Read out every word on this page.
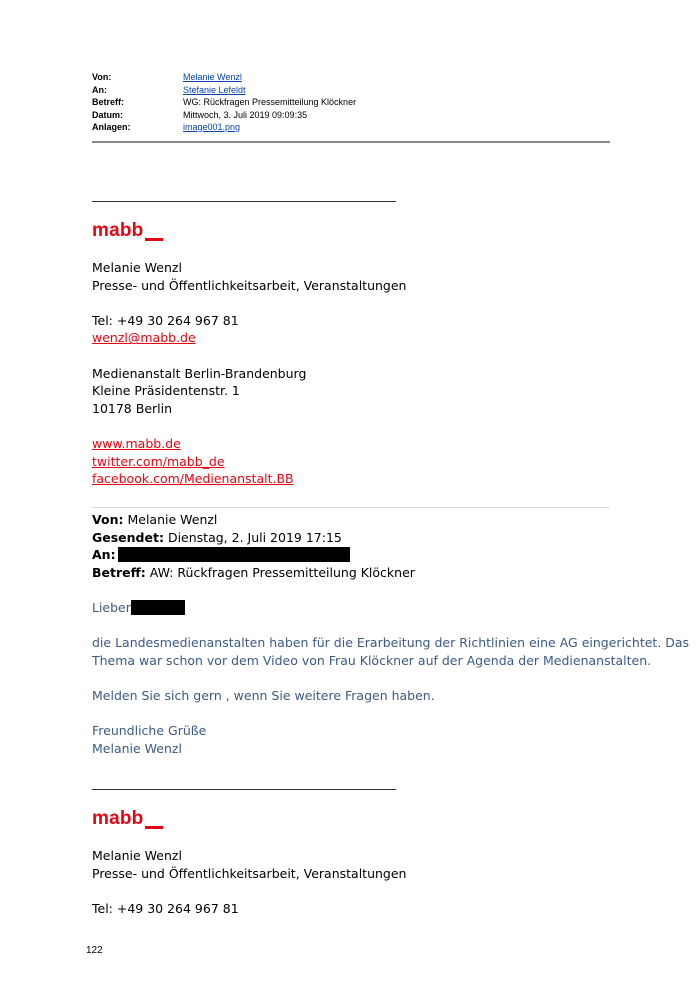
Von:	Melanie Wenzl
An:	Stefanie Lefeldt
Betreff:	WG: Rückfragen Pressemitteilung Klöckner
Datum:	Mittwoch, 3. Juli 2019 09:09:35
Anlagen:	image001.png
mabb
Melanie Wenzl
Presse- und Öffentlichkeitsarbeit, Veranstaltungen
Tel: +49 30 264 967 81
wenzl@mabb.de
Medienanstalt Berlin-Brandenburg
Kleine Präsidentenstr. 1
10178 Berlin
www.mabb.de
twitter.com/mabb_de
facebook.com/Medienanstalt.BB
Von: Melanie Wenzl
Gesendet: Dienstag, 2. Juli 2019 17:15
An:
Betreff: AW: Rückfragen Pressemitteilung Klöckner
Lieber
die Landesmedienanstalten haben für die Erarbeitung der Richtlinien eine AG eingerichtet. Das
Thema war schon vor dem Video von Frau Klöckner auf der Agenda der Medienanstalten.
Melden Sie sich gern , wenn Sie weitere Fragen haben.
Freundliche Grüße
Melanie Wenzl
mabb
Melanie Wenzl
Presse- und Öffentlichkeitsarbeit, Veranstaltungen
Tel: +49 30 264 967 81
122
